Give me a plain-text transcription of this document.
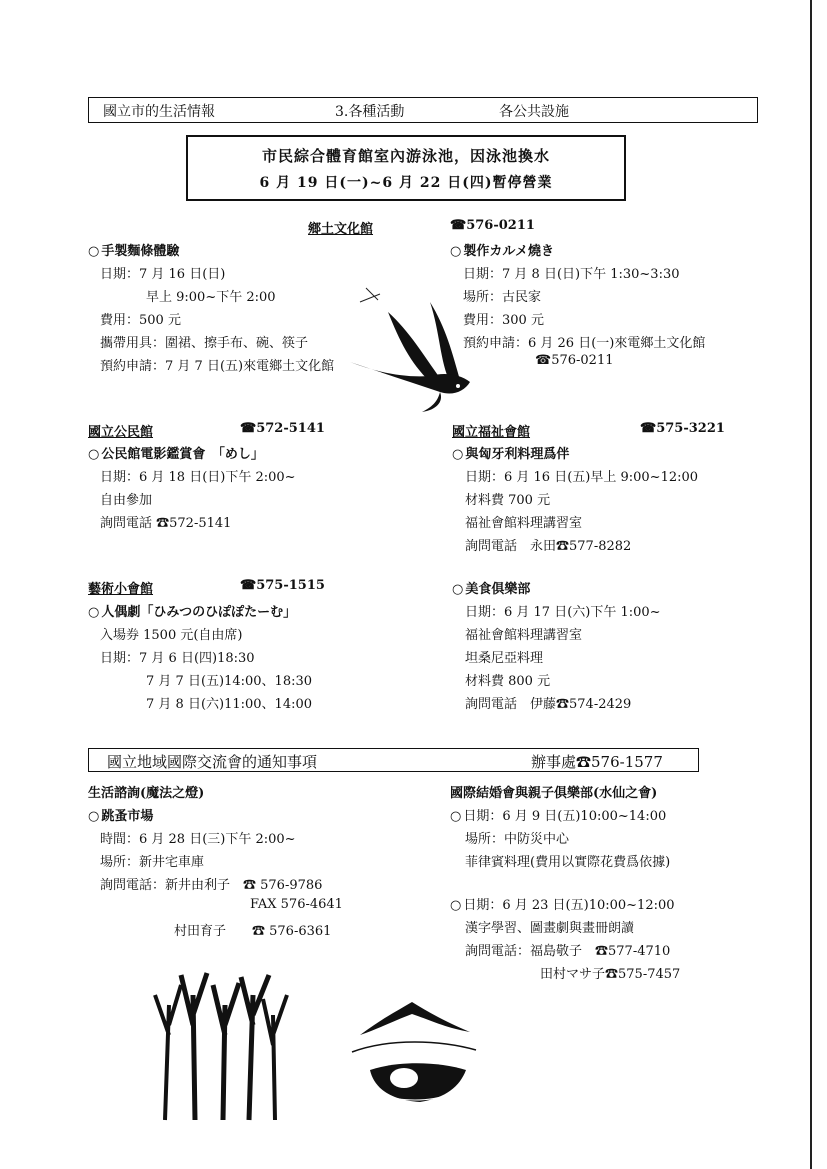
國立市的生活情報	3.各種活動	各公共設施
市民綜合體育館室內游泳池，因泳池換水
6 月 19 日(一)~6 月 22 日(四)暫停營業
鄉土文化館	☎576-0211
○ 手製麵條體驗
日期：7 月 16 日(日)
早上 9:00~下午 2:00
費用：500 元
攜帶用具：圍裙、擦手布、碗、筷子
預約申請：7 月 7 日(五)來電鄉土文化館
○ 製作カルメ燒き
日期：7 月 8 日(日)下午 1:30~3:30
場所：古民家
費用：300 元
預約申請：6 月 26 日(一)來電鄉土文化館
☎576-0211
國立公民館	☎572-5141
○ 公民館電影鑑賞會　「めし」
日期：6 月 18 日(日)下午 2:00~
自由參加
詢問電話 ☎572-5141
國立福祉會館	☎575-3221
○ 與匈牙利料理爲伴
日期：6 月 16 日(五)早上 9:00~12:00
材料費 700 元
福祉會館料理講習室
詢問電話　永田☎577-8282
藝術小會館	☎575-1515
○ 人偶劇「ひみつのひぽぽたーむ」
入場券 1500 元(自由席)
日期：7 月 6 日(四)18:30
7 月 7 日(五)14:00、18:30
7 月 8 日(六)11:00、14:00
○ 美食俱樂部
日期：6 月 17 日(六)下午 1:00~
福祉會館料理講習室
坦桑尼亞料理
材料費 800 元
詢問電話　伊藤☎574-2429
國立地域國際交流會的通知事項	辦事處☎576-1577
生活諮詢(魔法之燈)
○ 跳蚤市場
時間：6 月 28 日(三)下午 2:00~
場所：新井宅車庫
詢問電話：新井由利子　☎ 576-9786
FAX 576-4641
村田育子　　☎ 576-6361
國際結婚會與親子俱樂部(水仙之會)
○ 日期：6 月 9 日(五)10:00~14:00
場所：中防災中心
菲律賓料理(費用以實際花費爲依據)
○ 日期：6 月 23 日(五)10:00~12:00
漢字學習、圖畫劇與畫冊朗讀
詢問電話：福島敬子　☎577-4710
田村マサ子☎575-7457
